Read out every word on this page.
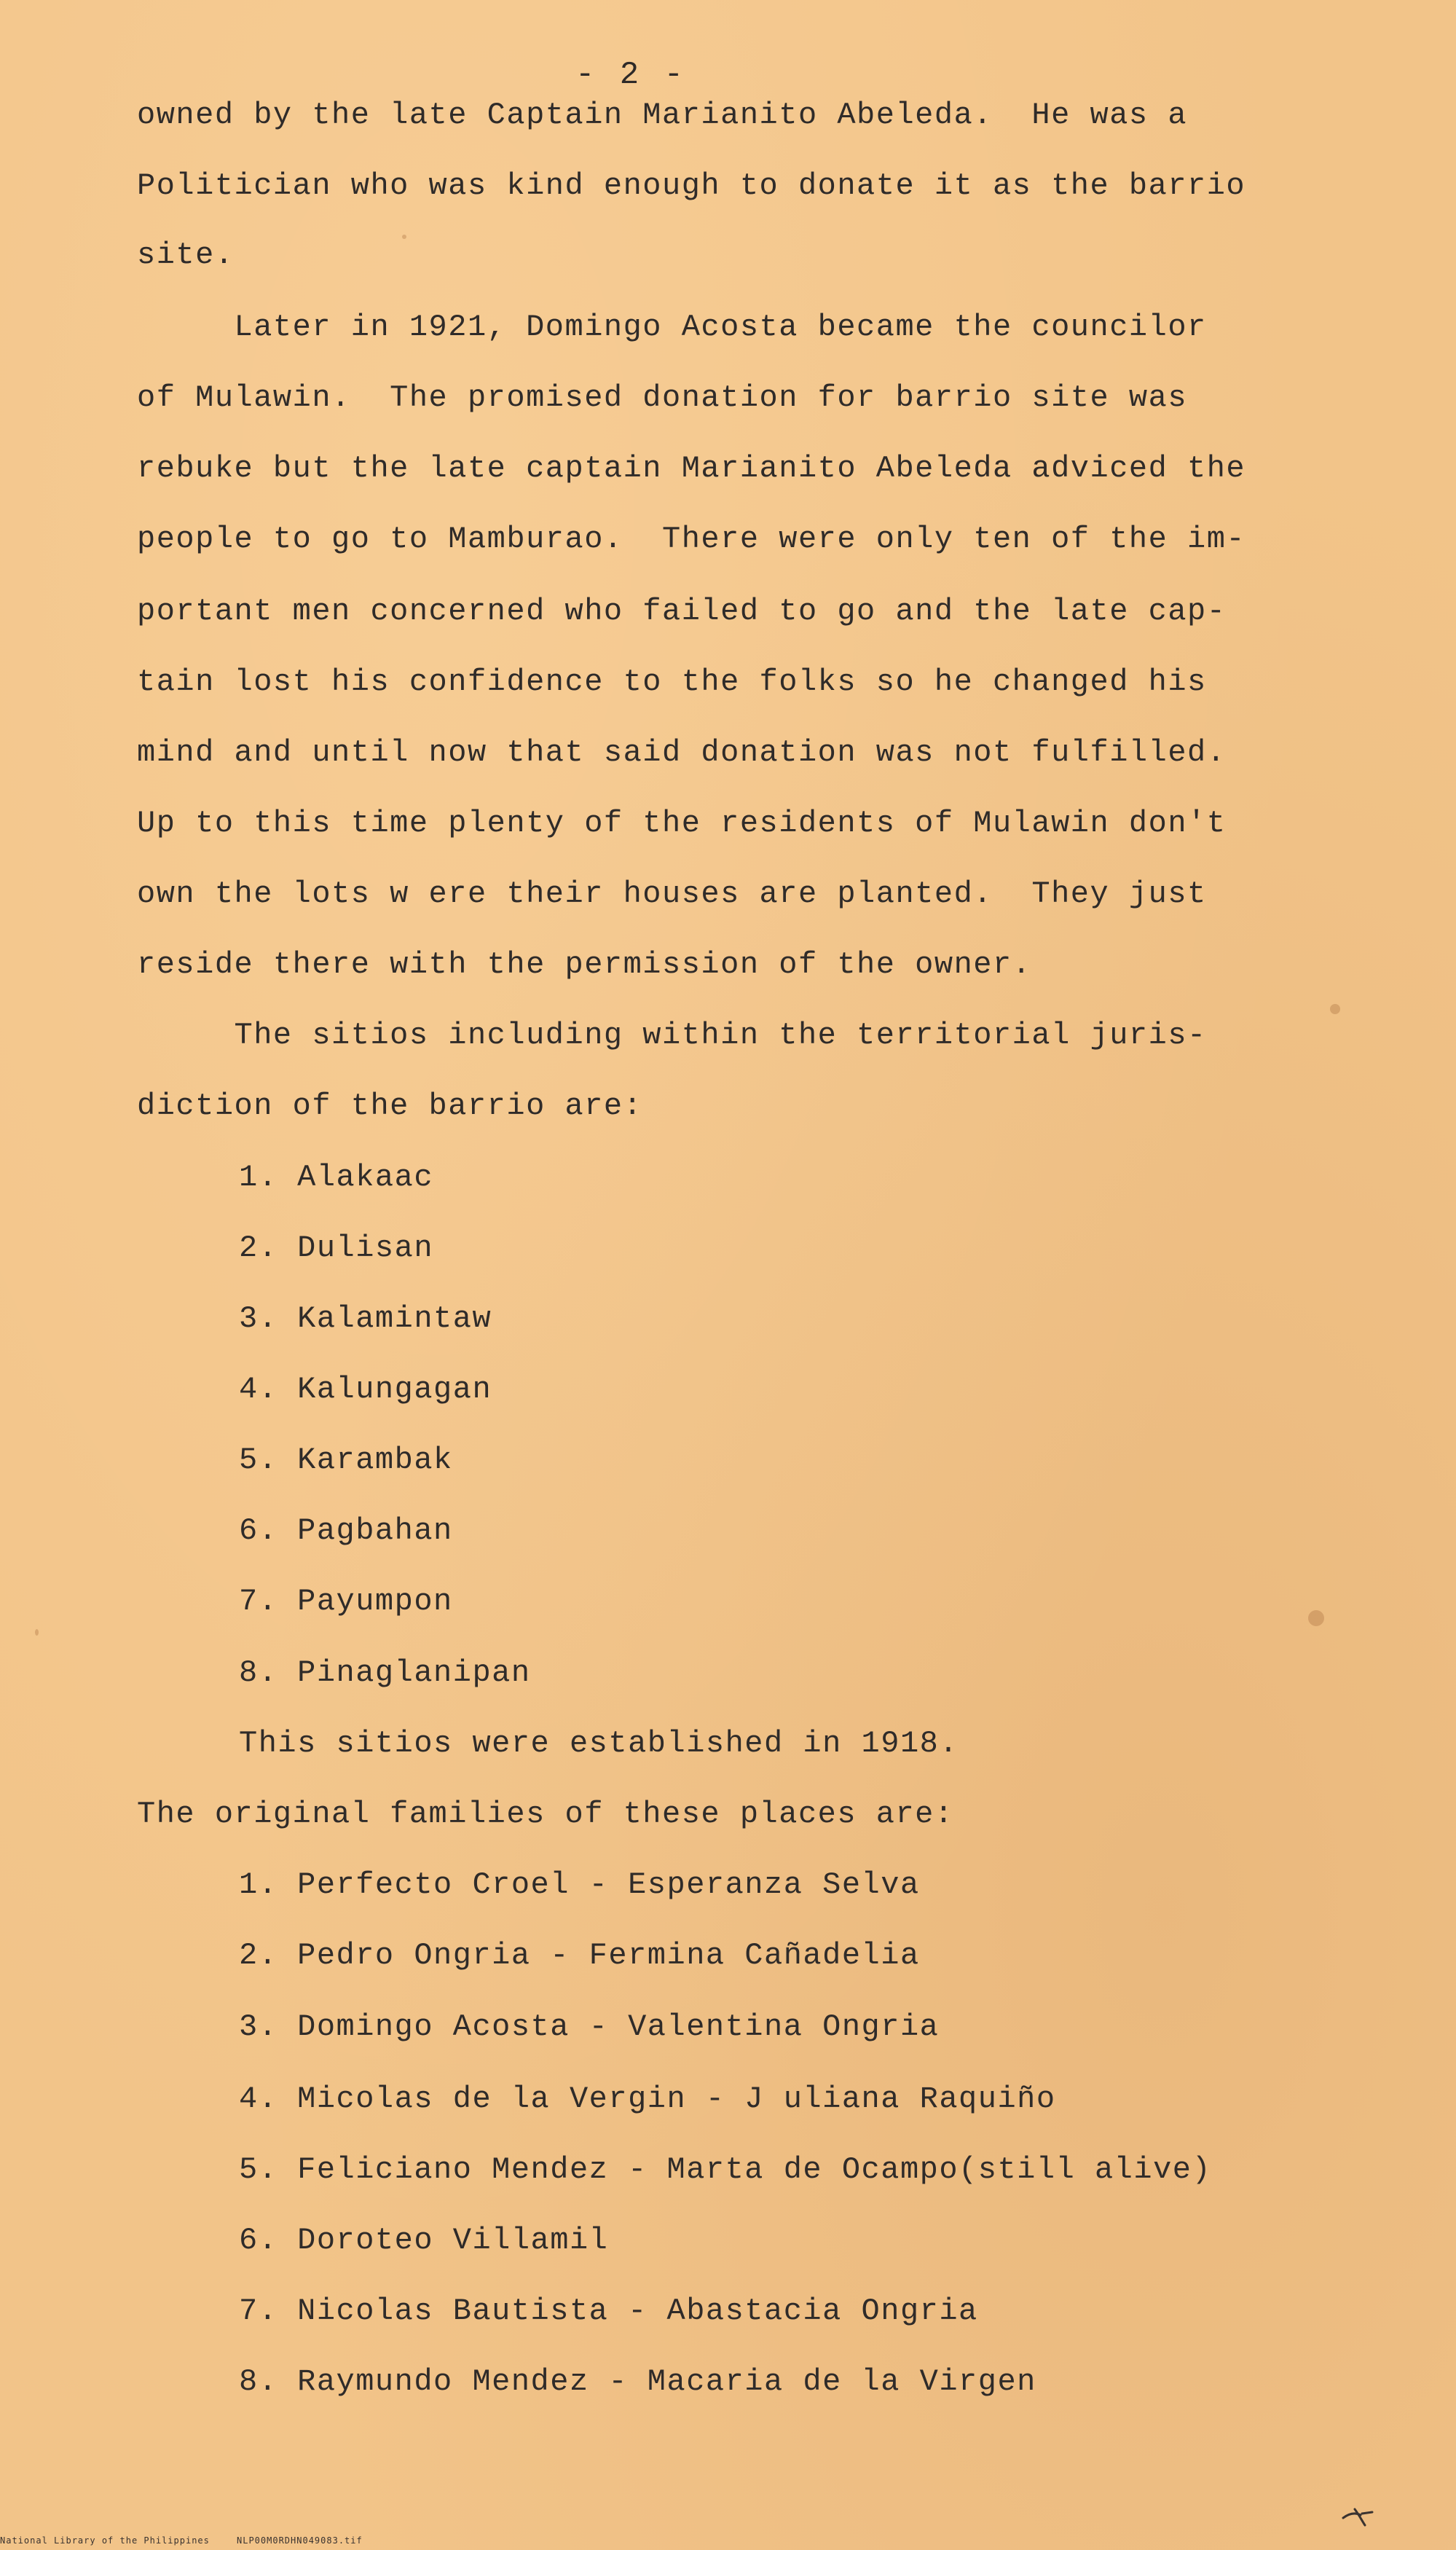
- 2 -

owned by the late Captain Marianito Abeleda.  He was a

Politician who was kind enough to donate it as the barrio

site.

Later in 1921, Domingo Acosta became the councilor

of Mulawin.  The promised donation for barrio site was

rebuke but the late captain Marianito Abeleda adviced the

people to go to Mamburao.  There were only ten of the im-

portant men concerned who failed to go and the late cap-

tain lost his confidence to the folks so he changed his

mind and until now that said donation was not fulfilled.

Up to this time plenty of the residents of Mulawin don't

own the lots w ere their houses are planted.  They just

reside there with the permission of the owner.

The sitios including within the territorial juris-

diction of the barrio are:

1. Alakaac

2. Dulisan

3. Kalamintaw

4. Kalungagan

5. Karambak

6. Pagbahan

7. Payumpon

8. Pinaglanipan

This sitios were established in 1918.

The original families of these places are:

1. Perfecto Croel - Esperanza Selva

2. Pedro Ongria - Fermina Cañadelia

3. Domingo Acosta - Valentina Ongria

4. Micolas de la Vergin - J uliana Raquiño

5. Feliciano Mendez - Marta de Ocampo(still alive)

6. Doroteo Villamil

7. Nicolas Bautista - Abastacia Ongria

8. Raymundo Mendez - Macaria de la Virgen

National Library of the Philippines	NLP00M0RDHN049083.tif
